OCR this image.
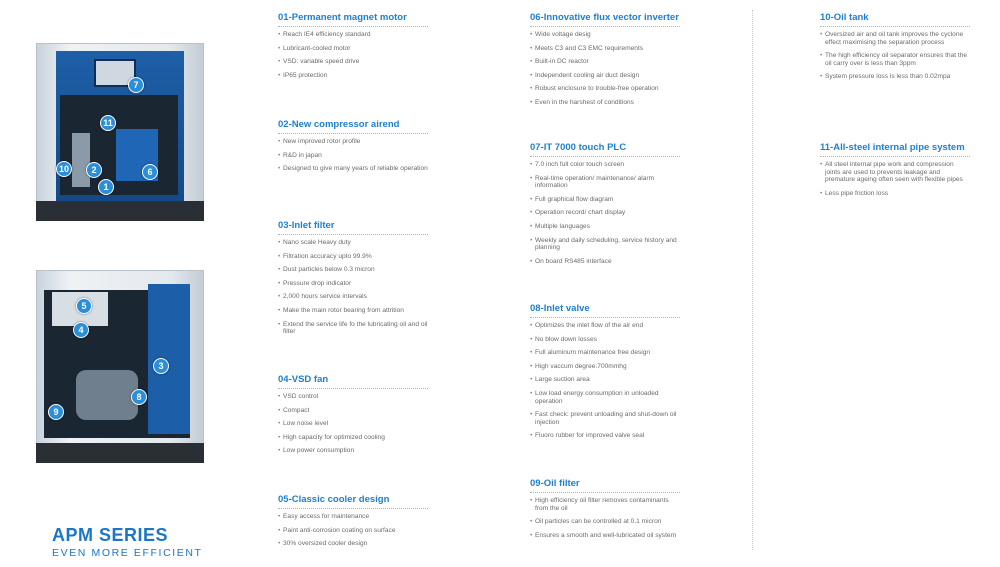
7
11
10	2
1
6
5
4
3
8
9
APM SERIES
EVEN MORE EFFICIENT
01-Permanent magnet motor
• Reach IE4 efficiency standard
• Lubricant-cooled motor
• VSD: variable speed drive
• IP65 protection
02-New compressor airend
• New improved rotor profile
• R&D in japan
• Designed to give many years of reliable operation
03-Inlet filter
• Nano scale Heavy duty
• Filtration accuracy upto 99.9%
• Dust particles below 0.3 micron
• Pressure drop indicator
• 2,000 hours service intervals
• Make the main rotor bearing from attrition
• Extend the service life fo the lubricating oil and oil filter
04-VSD fan
• VSD control
• Compact
• Low noise level
• High capacity for optimized cooling
• Low power consumption
05-Classic cooler design
• Easy access for maintenance
• Paint anti-corrosion coating on surface
• 30% oversized cooler design
06-Innovative flux vector inverter
• Wide voltage desig
• Meets C3 and C3 EMC requirements
• Built-in DC reactor
• Independent cooling air duct design
• Robust enclosure to trouble-free operation
• Even in the harshest of conditions
07-IT 7000 touch PLC
• 7.0 inch full color touch screen
• Real-time operation/ maintenance/ alarm information
• Full graphical flow diagram
• Operation record/ chart display
• Multiple languages
• Weekly and daily scheduling, service history and planning
• On board RS485 interface
08-Inlet valve
• Optimizes the inlet flow of the air end
• No blow down losses
• Full aluminum maintenance free design
• High vaccum degree:700mmhg
• Large suction area
• Low load energy consumption in unloaded operation
• Fast check: prevent unloading and shut-down oil injection
• Fluoro rubber for improved valve seal
09-Oil filter
• High efficiency oil filter removes contaminants from the oil
• Oil particles can be controlled at 0.1 micron
• Ensures a smooth and well-lubricated oil system
10-Oil tank
• Oversized air and oil tank improves the cyclone effect maximising the separation process
• The high efficiency oil separator ensures that the oil carry over is less than 3ppm
• System pressure loss is less than 0.02mpa
11-All-steel internal pipe system
• All steel internal pipe work and compression joints are used to prevents leakage and premature ageing often seen with flexible pipes
• Less pipe friction loss
